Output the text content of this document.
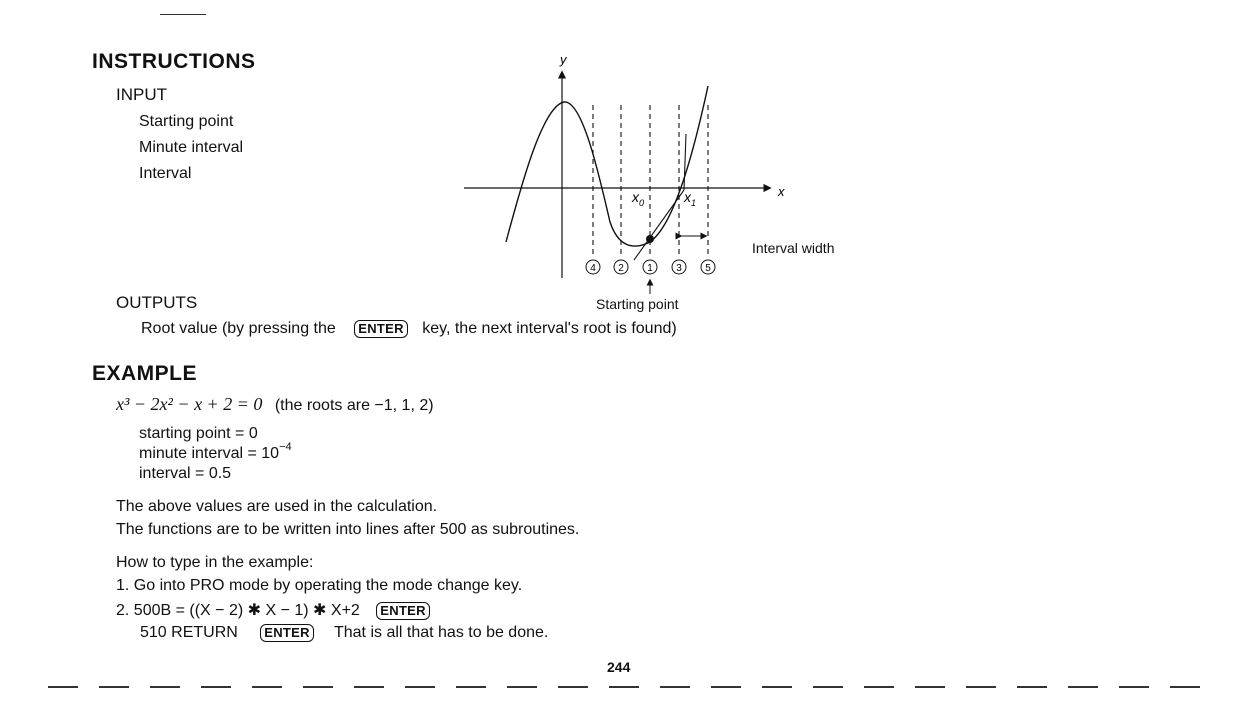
INSTRUCTIONS
INPUT
Starting point
Minute interval
Interval
y
x
$x_0$	$x_1$
4 2 1 3 5
Interval width
Starting point
OUTPUTS
Root value (by pressing the ENTER key, the next interval's root is found)
EXAMPLE
x³ − 2x² − x + 2 = 0 (the roots are −1, 1, 2)
starting point = 0
minute interval = $10^{-4}$
interval = 0.5
The above values are used in the calculation.
The functions are to be written into lines after 500 as subroutines.
How to type in the example:
1. Go into PRO mode by operating the mode change key.
2. 500B = ((X − 2) ✱ X − 1) ✱ X+2 ENTER
510 RETURN ENTER That is all that has to be done.
244
